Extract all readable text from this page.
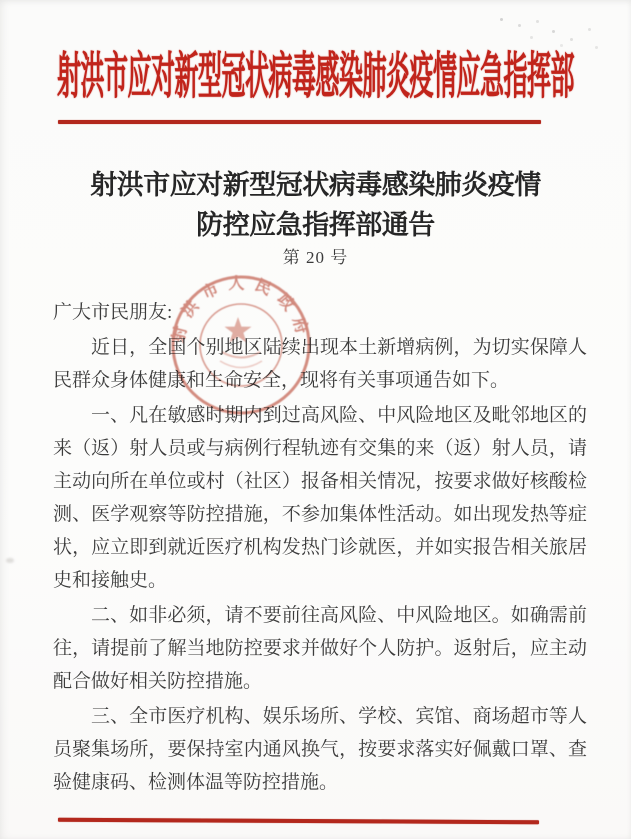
射洪市应对新型冠状病毒感染肺炎疫情应急指挥部
射洪市应对新型冠状病毒感染肺炎疫情
防控应急指挥部通告
第 20 号

广大市民朋友:

近日，全国个别地区陆续出现本土新增病例，为切实保障人民群众身体健康和生命安全，现将有关事项通告如下。

一、凡在敏感时期内到过高风险、中风险地区及毗邻地区的来（返）射人员或与病例行程轨迹有交集的来（返）射人员，请主动向所在单位或村（社区）报备相关情况，按要求做好核酸检测、医学观察等防控措施，不参加集体性活动。如出现发热等症状，应立即到就近医疗机构发热门诊就医，并如实报告相关旅居史和接触史。

二、如非必须，请不要前往高风险、中风险地区。如确需前往，请提前了解当地防控要求并做好个人防护。返射后，应主动配合做好相关防控措施。

三、全市医疗机构、娱乐场所、学校、宾馆、商场超市等人员聚集场所，要保持室内通风换气，按要求落实好佩戴口罩、查验健康码、检测体温等防控措施。

射洪市人民政府
